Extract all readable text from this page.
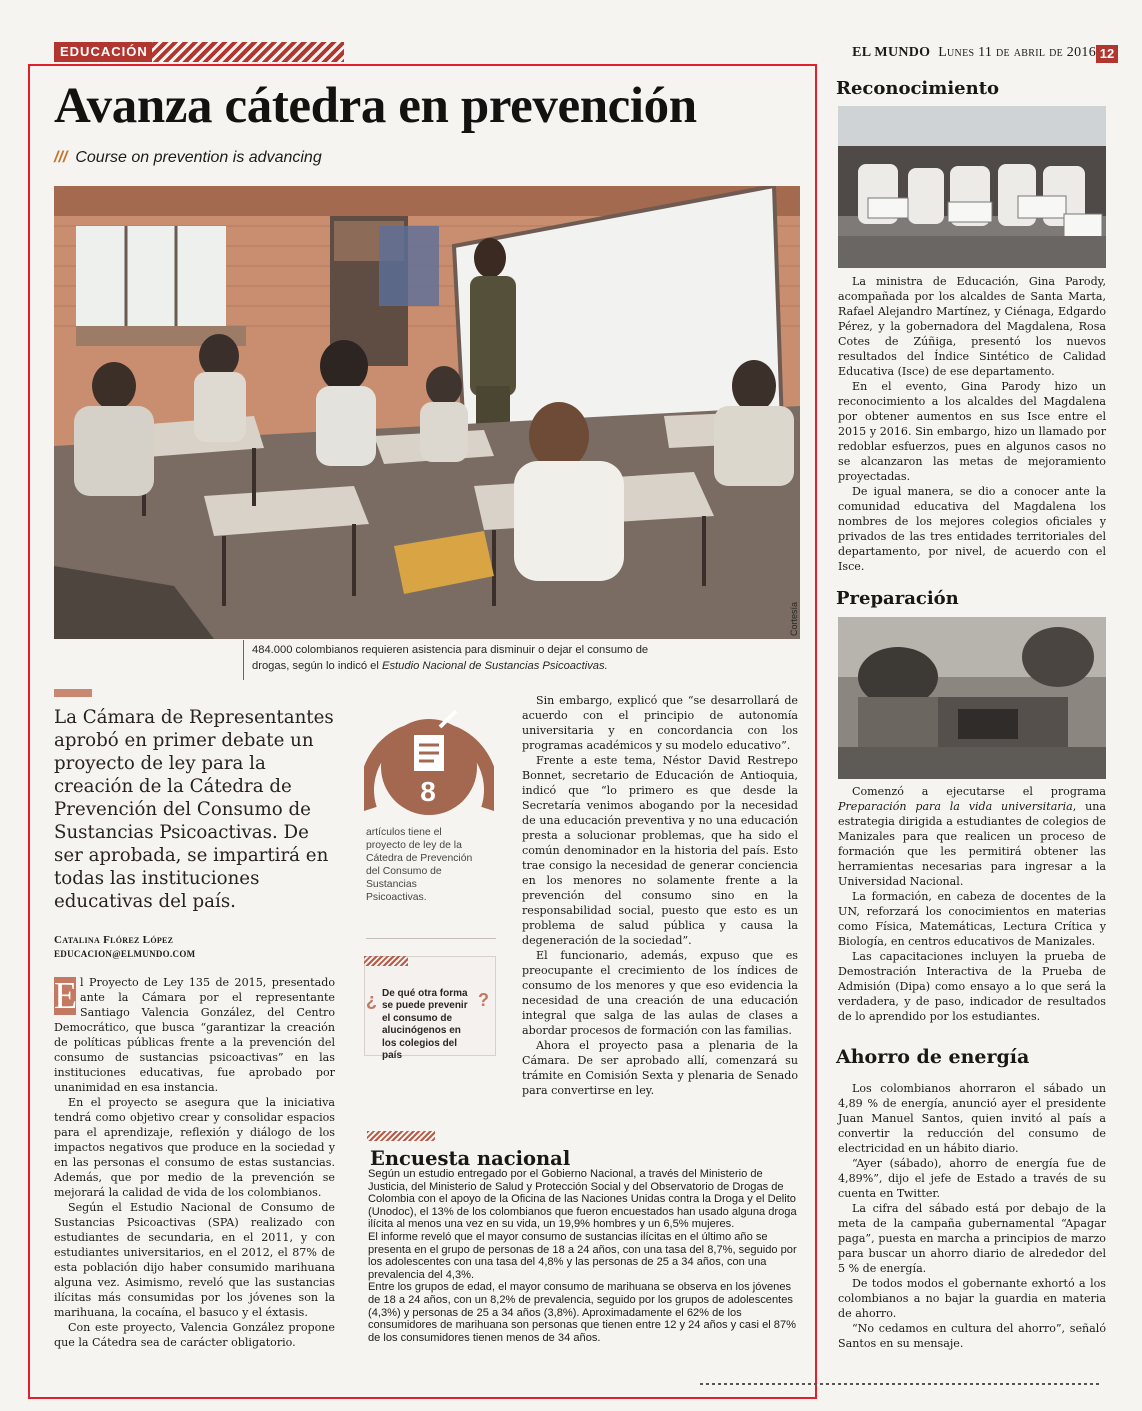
EDUCACIÓN	EL MUNDO Lunes 11 de abril de 2016 12
Avanza cátedra en prevención
/// Course on prevention is advancing
Cortesía
484.000 colombianos requieren asistencia para disminuir o dejar el consumo de drogas, según lo indicó el Estudio Nacional de Sustancias Psicoactivas.
La Cámara de Representantes aprobó en primer debate un proyecto de ley para la creación de la Cátedra de Prevención del Consumo de Sustancias Psicoactivas. De ser aprobada, se impartirá en todas las instituciones educativas del país.
Catalina Flórez López
EDUCACION@ELMUNDO.COM

E l Proyecto de Ley 135 de 2015, presentado ante la Cámara por el representante Santiago Valencia González, del Centro Democrático, que busca “garantizar la creación de políticas públicas frente a la prevención del consumo de sustancias psicoactivas” en las instituciones educativas, fue aprobado por unanimidad en esa instancia.

En el proyecto se asegura que la iniciativa tendrá como objetivo crear y consolidar espacios para el aprendizaje, reflexión y diálogo de los impactos negativos que produce en la sociedad y en las personas el consumo de estas sustancias. Además, que por medio de la prevención se mejorará la calidad de vida de los colombianos.

Según el Estudio Nacional de Consumo de Sustancias Psicoactivas (SPA) realizado con estudiantes de secundaria, en el 2011, y con estudiantes universitarios, en el 2012, el 87% de esta población dijo haber consumido marihuana alguna vez. Asimismo, reveló que las sustancias ilícitas más consumidas por los jóvenes son la marihuana, la cocaína, el basuco y el éxtasis.

Con este proyecto, Valencia González propone que la Cátedra sea de carácter obligatorio.

8
artículos tiene el proyecto de ley de la Cátedra de Prevención del Consumo de Sustancias Psicoactivas.
¿ De qué otra forma se puede prevenir el consumo de alucinógenos en los colegios del país
?

Sin embargo, explicó que “se desarrollará de acuerdo con el principio de autonomía universitaria y en concordancia con los programas académicos y su modelo educativo”.

Frente a este tema, Néstor David Restrepo Bonnet, secretario de Educación de Antioquia, indicó que “lo primero es que desde la Secretaría venimos abogando por la necesidad de una educación preventiva y no una educación presta a solucionar problemas, que ha sido el común denominador en la historia del país. Esto trae consigo la necesidad de generar conciencia en los menores no solamente frente a la prevención del consumo sino en la responsabilidad social, puesto que esto es un problema de salud pública y causa la degeneración de la sociedad”.

El funcionario, además, expuso que es preocupante el crecimiento de los índices de consumo de los menores y que eso evidencia la necesidad de una creación de una educación integral que salga de las aulas de clases a abordar procesos de formación con las familias.

Ahora el proyecto pasa a plenaria de la Cámara. De ser aprobado allí, comenzará su trámite en Comisión Sexta y plenaria de Senado para convertirse en ley.

Encuesta nacional

Según un estudio entregado por el Gobierno Nacional, a través del Ministerio de Justicia, del Ministerio de Salud y Protección Social y del Observatorio de Drogas de Colombia con el apoyo de la Oficina de las Naciones Unidas contra la Droga y el Delito (Unodoc), el 13% de los colombianos que fueron encuestados han usado alguna droga ilícita al menos una vez en su vida, un 19,9% hombres y un 6,5% mujeres.

El informe reveló que el mayor consumo de sustancias ilícitas en el último año se presenta en el grupo de personas de 18 a 24 años, con una tasa del 8,7%, seguido por los adolescentes con una tasa del 4,8% y las personas de 25 a 34 años, con una prevalencia del 4,3%.

Entre los grupos de edad, el mayor consumo de marihuana se observa en los jóvenes de 18 a 24 años, con un 8,2% de prevalencia, seguido por los grupos de adolescentes (4,3%) y personas de 25 a 34 años (3,8%). Aproximadamente el 62% de los consumidores de marihuana son personas que tienen entre 12 y 24 años y casi el 87% de los consumidores tienen menos de 34 años.

Reconocimiento

La ministra de Educación, Gina Parody, acompañada por los alcaldes de Santa Marta, Rafael Alejandro Martínez, y Ciénaga, Edgardo Pérez, y la gobernadora del Magdalena, Rosa Cotes de Zúñiga, presentó los nuevos resultados del Índice Sintético de Calidad Educativa (Isce) de ese departamento.

En el evento, Gina Parody hizo un reconocimiento a los alcaldes del Magdalena por obtener aumentos en sus Isce entre el 2015 y 2016. Sin embargo, hizo un llamado por redoblar esfuerzos, pues en algunos casos no se alcanzaron las metas de mejoramiento proyectadas.

De igual manera, se dio a conocer ante la comunidad educativa del Magdalena los nombres de los mejores colegios oficiales y privados de las tres entidades territoriales del departamento, por nivel, de acuerdo con el Isce.

Preparación

Comenzó a ejecutarse el programa Preparación para la vida universitaria, una estrategia dirigida a estudiantes de colegios de Manizales para que realicen un proceso de formación que les permitirá obtener las herramientas necesarias para ingresar a la Universidad Nacional.

La formación, en cabeza de docentes de la UN, reforzará los conocimientos en materias como Física, Matemáticas, Lectura Crítica y Biología, en centros educativos de Manizales.

Las capacitaciones incluyen la prueba de Demostración Interactiva de la Prueba de Admisión (Dipa) como ensayo a lo que será la verdadera, y de paso, indicador de resultados de lo aprendido por los estudiantes.

Ahorro de energía

Los colombianos ahorraron el sábado un 4,89 % de energía, anunció ayer el presidente Juan Manuel Santos, quien invitó al país a convertir la reducción del consumo de electricidad en un hábito diario.

“Ayer (sábado), ahorro de energía fue de 4,89%”, dijo el jefe de Estado a través de su cuenta en Twitter.

La cifra del sábado está por debajo de la meta de la campaña gubernamental “Apagar paga”, puesta en marcha a principios de marzo para buscar un ahorro diario de alrededor del 5 % de energía.

De todos modos el gobernante exhortó a los colombianos a no bajar la guardia en materia de ahorro.

“No cedamos en cultura del ahorro”, señaló Santos en su mensaje.
